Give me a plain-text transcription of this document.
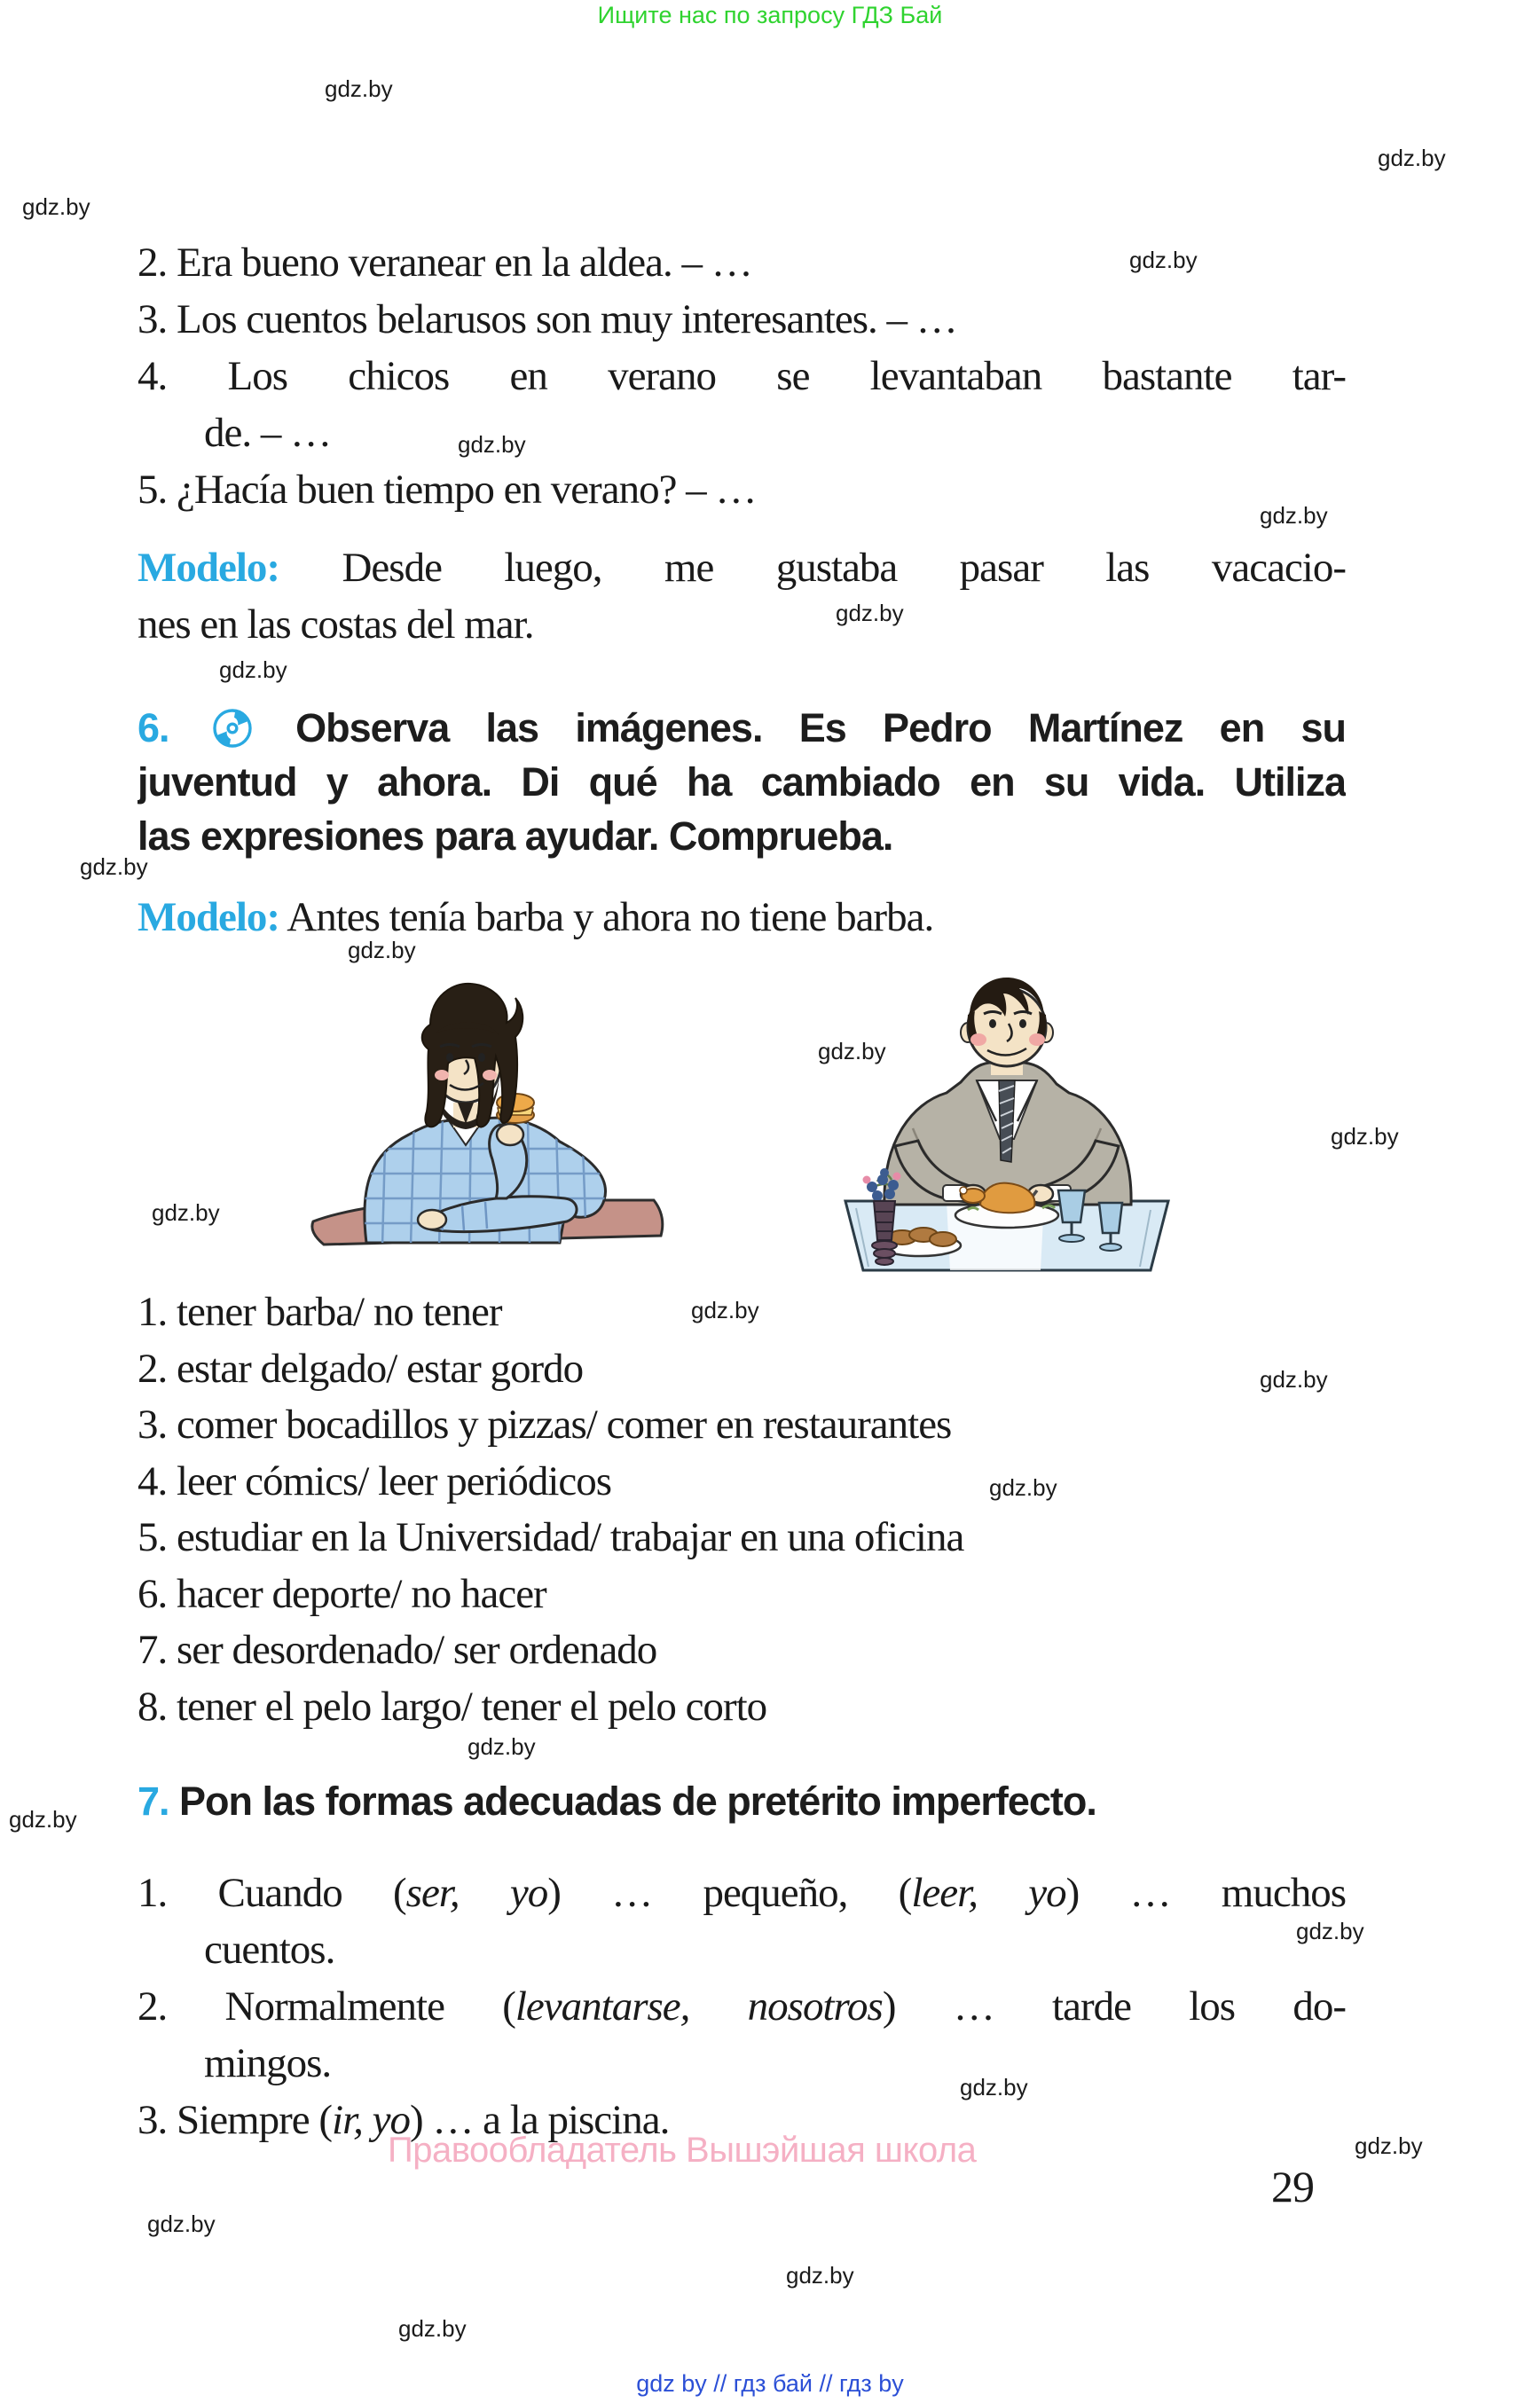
Ищите нас по запросу ГДЗ Бай
gdz.by
gdz.by
gdz.by
gdz.by
gdz.by
gdz.by
gdz.by
gdz.by
gdz.by
gdz.by
gdz.by
gdz.by
gdz.by
gdz.by
gdz.by
gdz.by
gdz.by
gdz.by
gdz.by
gdz.by
gdz.by
gdz.by
gdz.by
gdz.by
2. Era bueno veranear en la aldea. – …
3. Los cuentos belarusos son muy interesantes. – …
4. Los chicos en verano se levantaban bastante tar-
de. – …
5. ¿Hacía buen tiempo en verano? – …
Modelo: Desde luego, me gustaba pasar las vacacio-
nes en las costas del mar.
6.	Observa las imágenes. Es Pedro Martínez en su
juventud y ahora. Di qué ha cambiado en su vida. Utiliza
las expresiones para ayudar. Comprueba.
Modelo: Antes tenía barba y ahora no tiene barba.
1. tener barba/ no tener
2. estar delgado/ estar gordo
3. comer bocadillos y pizzas/ comer en restaurantes
4. leer cómics/ leer periódicos
5. estudiar en la Universidad/ trabajar en una oficina
6. hacer deporte/ no hacer
7. ser desordenado/ ser ordenado
8. tener el pelo largo/ tener el pelo corto
7. Pon las formas adecuadas de pretérito imperfecto.
1. Cuando (ser, yo) … pequeño, (leer, yo) … muchos
cuentos.
2. Normalmente (levantarse, nosotros) … tarde los do-
mingos.
3. Siempre (ir, yo) … a la piscina.
Правообладатель Вышэйшая школа
29
gdz by // гдз бай // гдз by
